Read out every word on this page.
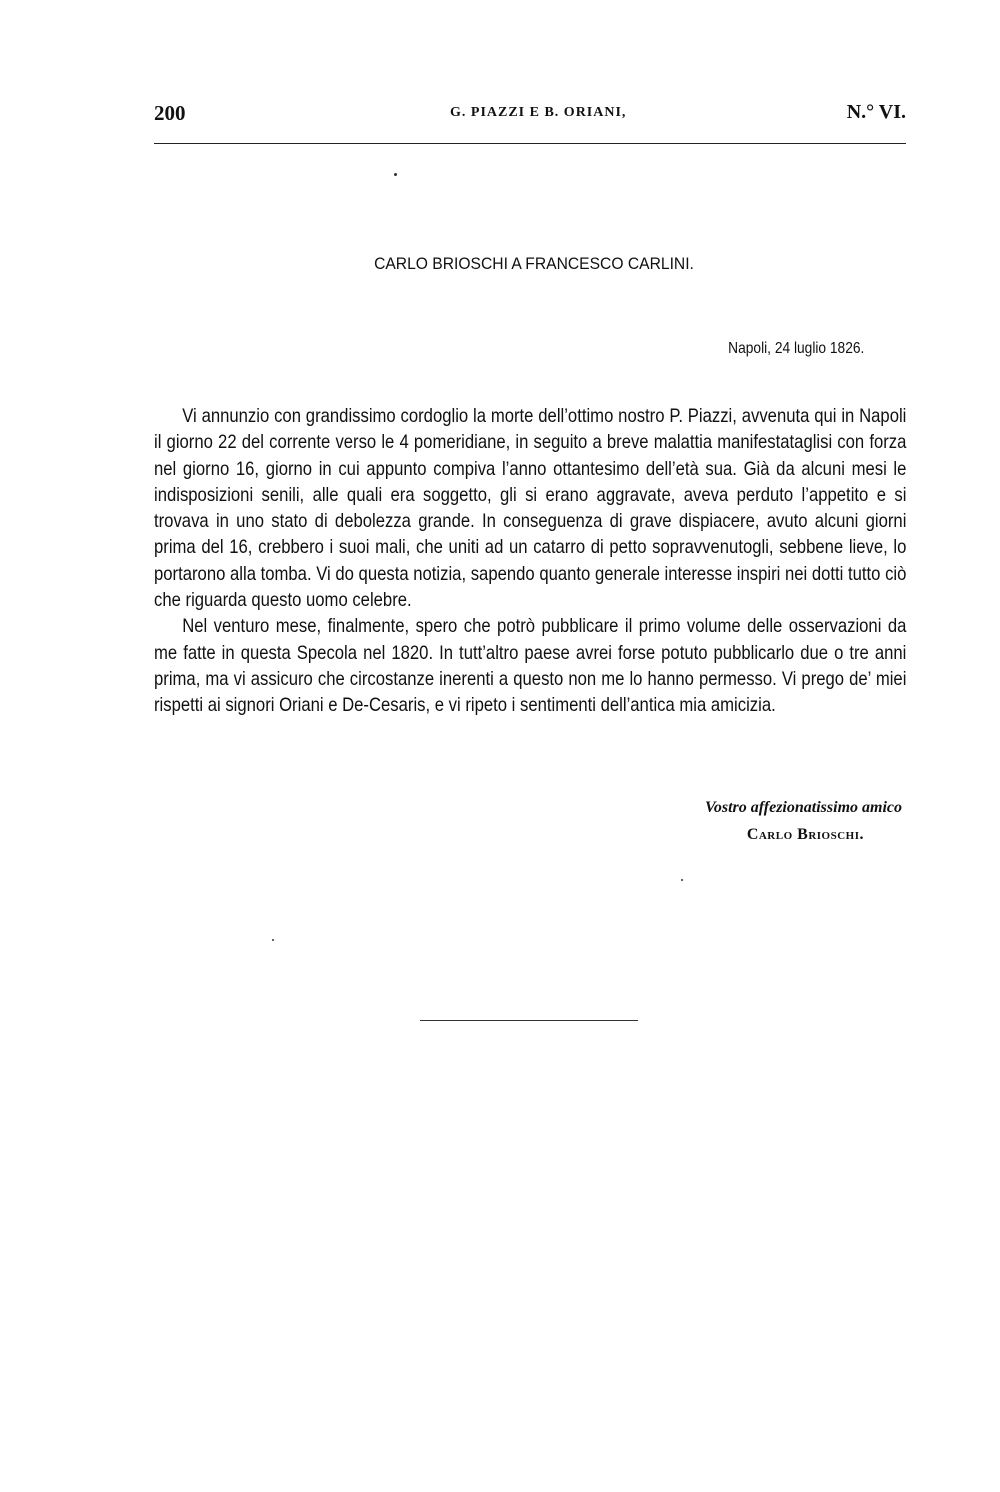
200	G. PIAZZI E B. ORIANI,	N.° VI.
CARLO BRIOSCHI A FRANCESCO CARLINI.
Napoli, 24 luglio 1826.

Vi annunzio con grandissimo cordoglio la morte dell’ottimo nostro P. Piazzi, avvenuta qui in Napoli il giorno 22 del corrente verso le 4 pomeridiane, in seguito a breve malattia manifestataglisi con forza nel giorno 16, giorno in cui appunto compiva l’anno ottantesimo dell’età sua. Già da alcuni mesi le indisposizioni senili, alle quali era soggetto, gli si erano aggravate, aveva perduto l’appetito e si trovava in uno stato di debolezza grande. In conseguenza di grave dispiacere, avuto alcuni giorni prima del 16, crebbero i suoi mali, che uniti ad un catarro di petto sopravvenutogli, sebbene lieve, lo portarono alla tomba. Vi do questa notizia, sapendo quanto generale interesse inspiri nei dotti tutto ciò che riguarda questo uomo celebre.

Nel venturo mese, finalmente, spero che potrò pubblicare il primo volume delle osservazioni da me fatte in questa Specola nel 1820. In tutt’altro paese avrei forse potuto pubblicarlo due o tre anni prima, ma vi assicuro che circostanze inerenti a questo non me lo hanno permesso. Vi prego de’ miei rispetti ai signori Oriani e De-Cesaris, e vi ripeto i sentimenti dell’antica mia amicizia.

Vostro affezionatissimo amico
Carlo Brioschi.
